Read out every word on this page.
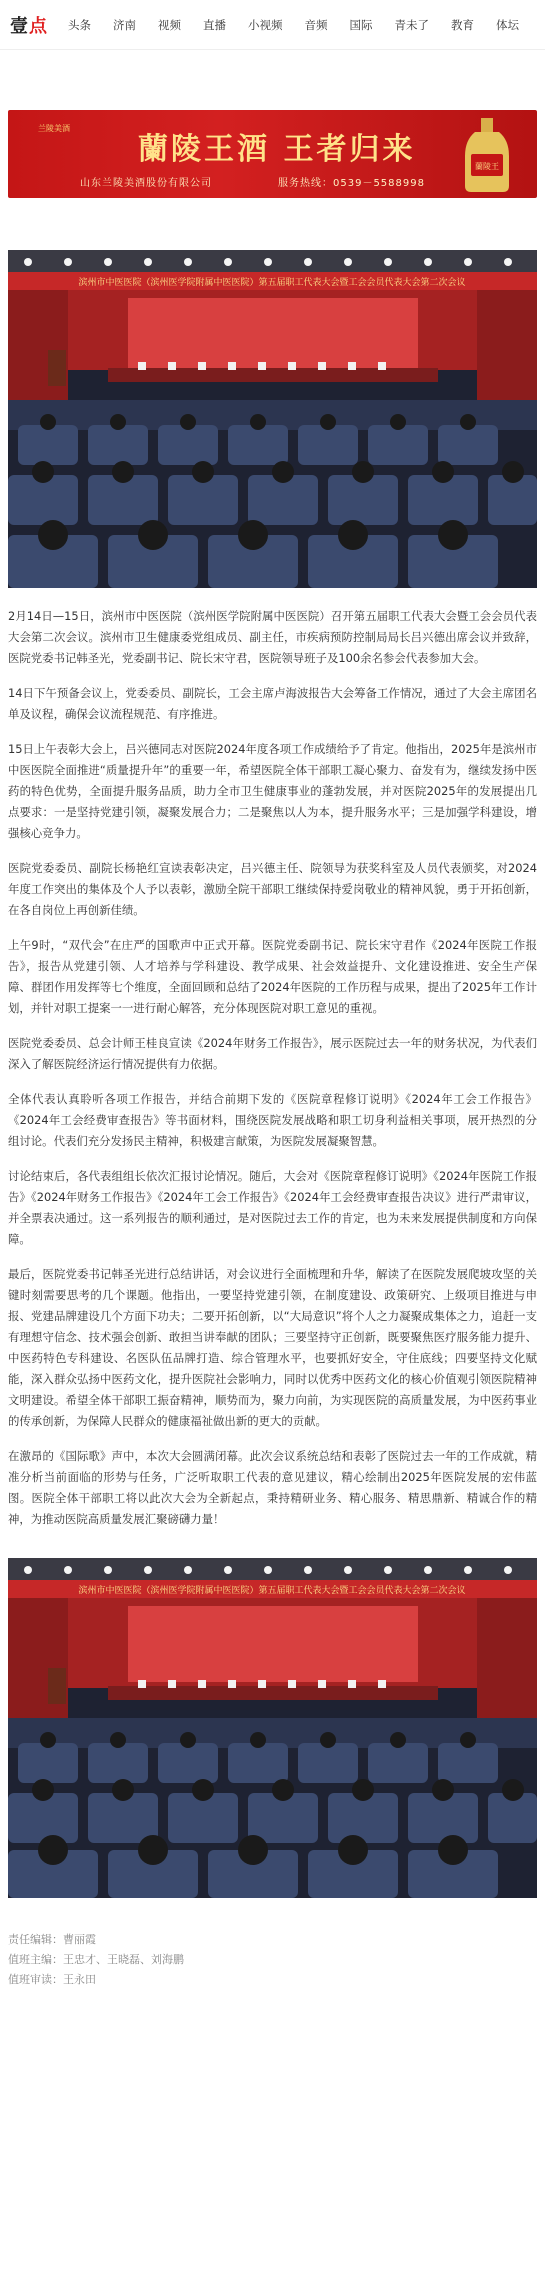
壹 点 头条 济南 视频 直播 小视频 音频 国际 青未了 教育 体坛
兰陵美酒
蘭陵王酒 王者归来
山东兰陵美酒股份有限公司	服务热线：0539－5588998
蘭陵王
滨州市中医医院（滨州医学院附属中医医院）第五届职工代表大会暨工会会员代表大会第二次会议

2月14日—15日，滨州市中医医院（滨州医学院附属中医医院）召开第五届职工代表大会暨工会会员代表大会第二次会议。滨州市卫生健康委党组成员、副主任，市疾病预防控制局局长吕兴德出席会议并致辞，医院党委书记韩圣光，党委副书记、院长宋守君，医院领导班子及100余名参会代表参加大会。

14日下午预备会议上，党委委员、副院长，工会主席卢海波报告大会筹备工作情况，通过了大会主席团名单及议程，确保会议流程规范、有序推进。

15日上午表彰大会上，吕兴德同志对医院2024年度各项工作成绩给予了肯定。他指出，2025年是滨州市中医医院全面推进“质量提升年”的重要一年，希望医院全体干部职工凝心聚力、奋发有为，继续发扬中医药的特色优势，全面提升服务品质，助力全市卫生健康事业的蓬勃发展，并对医院2025年的发展提出几点要求：一是坚持党建引领，凝聚发展合力；二是聚焦以人为本，提升服务水平；三是加强学科建设，增强核心竞争力。

医院党委委员、副院长杨艳红宣读表彰决定，吕兴德主任、院领导为获奖科室及人员代表颁奖，对2024年度工作突出的集体及个人予以表彰，激励全院干部职工继续保持爱岗敬业的精神风貌，勇于开拓创新，在各自岗位上再创新佳绩。

上午9时，“双代会”在庄严的国歌声中正式开幕。医院党委副书记、院长宋守君作《2024年医院工作报告》，报告从党建引领、人才培养与学科建设、教学成果、社会效益提升、文化建设推进、安全生产保障、群团作用发挥等七个维度，全面回顾和总结了2024年医院的工作历程与成果，提出了2025年工作计划，并针对职工提案一一进行耐心解答，充分体现医院对职工意见的重视。

医院党委委员、总会计师王桂良宣读《2024年财务工作报告》，展示医院过去一年的财务状况，为代表们深入了解医院经济运行情况提供有力依据。

全体代表认真聆听各项工作报告，并结合前期下发的《医院章程修订说明》《2024年工会工作报告》《2024年工会经费审查报告》等书面材料，围绕医院发展战略和职工切身利益相关事项，展开热烈的分组讨论。代表们充分发扬民主精神，积极建言献策，为医院发展凝聚智慧。

讨论结束后，各代表组组长依次汇报讨论情况。随后，大会对《医院章程修订说明》《2024年医院工作报告》《2024年财务工作报告》《2024年工会工作报告》《2024年工会经费审查报告决议》进行严肃审议，并全票表决通过。这一系列报告的顺利通过，是对医院过去工作的肯定，也为未来发展提供制度和方向保障。

最后，医院党委书记韩圣光进行总结讲话，对会议进行全面梳理和升华，解读了在医院发展爬坡攻坚的关键时刻需要思考的几个课题。他指出，一要坚持党建引领，在制度建设、政策研究、上级项目推进与申报、党建品牌建设几个方面下功夫；二要开拓创新，以“大局意识”将个人之力凝聚成集体之力，追赶一支有理想守信念、技术强会创新、敢担当讲奉献的团队；三要坚持守正创新，既要聚焦医疗服务能力提升、中医药特色专科建设、名医队伍品牌打造、综合管理水平，也要抓好安全，守住底线；四要坚持文化赋能，深入群众弘扬中医药文化，提升医院社会影响力，同时以优秀中医药文化的核心价值观引领医院精神文明建设。希望全体干部职工振奋精神，顺势而为，聚力向前，为实现医院的高质量发展，为中医药事业的传承创新，为保障人民群众的健康福祉做出新的更大的贡献。

在激昂的《国际歌》声中，本次大会圆满闭幕。此次会议系统总结和表彰了医院过去一年的工作成就，精准分析当前面临的形势与任务，广泛听取职工代表的意见建议，精心绘制出2025年医院发展的宏伟蓝图。医院全体干部职工将以此次大会为全新起点，秉持精研业务、精心服务、精思鼎新、精诚合作的精神，为推动医院高质量发展汇聚磅礴力量！

滨州市中医医院（滨州医学院附属中医医院）第五届职工代表大会暨工会会员代表大会第二次会议
责任编辑：曹丽霞
值班主编：王忠才、王晓磊、刘海鹏
值班审读：王永田
